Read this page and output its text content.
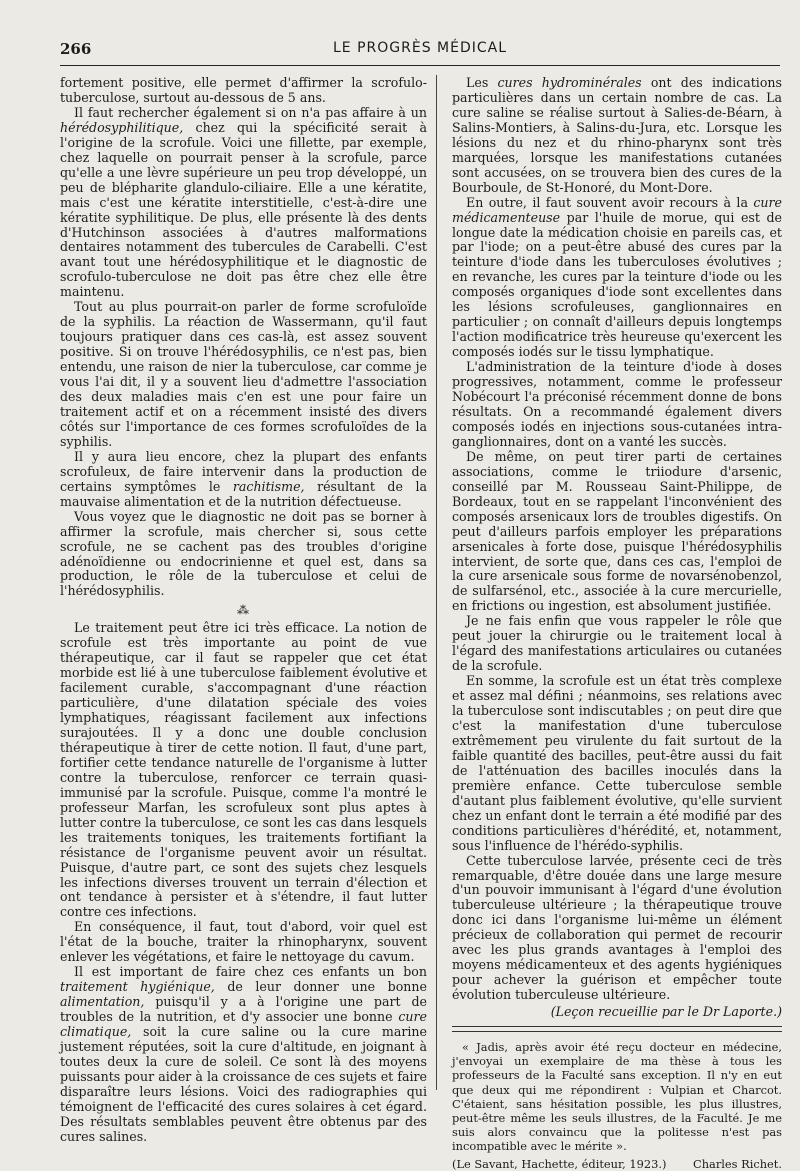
266	LE PROGRÈS MÉDICAL

fortement positive, elle permet d'affirmer la scrofulo-tuberculose, surtout au-dessous de 5 ans.

Il faut rechercher également si on n'a pas affaire à un hérédosyphilitique, chez qui la spécificité serait à l'origine de la scrofule. Voici une fillette, par exemple, chez laquelle on pourrait penser à la scrofule, parce qu'elle a une lèvre supérieure un peu trop développé, un peu de blépharite glandulo-ciliaire. Elle a une kératite, mais c'est une kératite interstitielle, c'est-à-dire une kératite syphilitique. De plus, elle présente là des dents d'Hutchinson associées à d'autres malformations dentaires notamment des tubercules de Carabelli. C'est avant tout une hérédosyphilitique et le diagnostic de scrofulo-tuberculose ne doit pas être chez elle être maintenu.

Tout au plus pourrait-on parler de forme scrofuloïde de la syphilis. La réaction de Wassermann, qu'il faut toujours pratiquer dans ces cas-là, est assez souvent positive. Si on trouve l'hérédosyphilis, ce n'est pas, bien entendu, une raison de nier la tuberculose, car comme je vous l'ai dit, il y a souvent lieu d'admettre l'association des deux maladies mais c'en est une pour faire un traitement actif et on a récemment insisté des divers côtés sur l'importance de ces formes scrofuloïdes de la syphilis.

Il y aura lieu encore, chez la plupart des enfants scrofuleux, de faire intervenir dans la production de certains symptômes le rachitisme, résultant de la mauvaise alimentation et de la nutrition défectueuse.

Vous voyez que le diagnostic ne doit pas se borner à affirmer la scrofule, mais chercher si, sous cette scrofule, ne se cachent pas des troubles d'origine adénoïdienne ou endocrinienne et quel est, dans sa production, le rôle de la tuberculose et celui de l'hérédosyphilis.

⁂

Le traitement peut être ici très efficace. La notion de scrofule est très importante au point de vue thérapeutique, car il faut se rappeler que cet état morbide est lié à une tuberculose faiblement évolutive et facilement curable, s'accompagnant d'une réaction particulière, d'une dilatation spéciale des voies lymphatiques, réagissant facilement aux infections surajoutées. Il y a donc une double conclusion thérapeutique à tirer de cette notion. Il faut, d'une part, fortifier cette tendance naturelle de l'organisme à lutter contre la tuberculose, renforcer ce terrain quasi-immunisé par la scrofule. Puisque, comme l'a montré le professeur Marfan, les scrofuleux sont plus aptes à lutter contre la tuberculose, ce sont les cas dans lesquels les traitements toniques, les traitements fortifiant la résistance de l'organisme peuvent avoir un résultat. Puisque, d'autre part, ce sont des sujets chez lesquels les infections diverses trouvent un terrain d'élection et ont tendance à persister et à s'étendre, il faut lutter contre ces infections.

En conséquence, il faut, tout d'abord, voir quel est l'état de la bouche, traiter la rhinopharynx, souvent enlever les végétations, et faire le nettoyage du cavum.

Il est important de faire chez ces enfants un bon traitement hygiénique, de leur donner une bonne alimentation, puisqu'il y a à l'origine une part de troubles de la nutrition, et d'y associer une bonne cure climatique, soit la cure saline ou la cure marine justement réputées, soit la cure d'altitude, en joignant à toutes deux la cure de soleil. Ce sont là des moyens puissants pour aider à la croissance de ces sujets et faire disparaître leurs lésions. Voici des radiographies qui témoignent de l'efficacité des cures solaires à cet égard. Des résultats semblables peuvent être obtenus par des cures salines.

Les cures hydrominérales ont des indications particulières dans un certain nombre de cas. La cure saline se réalise surtout à Salies-de-Béarn, à Salins-Montiers, à Salins-du-Jura, etc. Lorsque les lésions du nez et du rhino-pharynx sont très marquées, lorsque les manifestations cutanées sont accusées, on se trouvera bien des cures de la Bourboule, de St-Honoré, du Mont-Dore.

En outre, il faut souvent avoir recours à la cure médicamenteuse par l'huile de morue, qui est de longue date la médication choisie en pareils cas, et par l'iode; on a peut-être abusé des cures par la teinture d'iode dans les tuberculoses évolutives ; en revanche, les cures par la teinture d'iode ou les composés organiques d'iode sont excellentes dans les lésions scrofuleuses, ganglionnaires en particulier ; on connaît d'ailleurs depuis longtemps l'action modificatrice très heureuse qu'exercent les composés iodés sur le tissu lymphatique.

L'administration de la teinture d'iode à doses progressives, notamment, comme le professeur Nobécourt l'a préconisé récemment donne de bons résultats. On a recommandé également divers composés iodés en injections sous-cutanées intra-ganglionnaires, dont on a vanté les succès.

De même, on peut tirer parti de certaines associations, comme le triiodure d'arsenic, conseillé par M. Rousseau Saint-Philippe, de Bordeaux, tout en se rappelant l'inconvénient des composés arsenicaux lors de troubles digestifs. On peut d'ailleurs parfois employer les préparations arsenicales à forte dose, puisque l'hérédosyphilis intervient, de sorte que, dans ces cas, l'emploi de la cure arsenicale sous forme de novarsénobenzol, de sulfarsénol, etc., associée à la cure mercurielle, en frictions ou ingestion, est absolument justifiée.

Je ne fais enfin que vous rappeler le rôle que peut jouer la chirurgie ou le traitement local à l'égard des manifestations articulaires ou cutanées de la scrofule.

En somme, la scrofule est un état très complexe et assez mal défini ; néanmoins, ses relations avec la tuberculose sont indiscutables ; on peut dire que c'est la manifestation d'une tuberculose extrêmement peu virulente du fait surtout de la faible quantité des bacilles, peut-être aussi du fait de l'atténuation des bacilles inoculés dans la première enfance. Cette tuberculose semble d'autant plus faiblement évolutive, qu'elle survient chez un enfant dont le terrain a été modifié par des conditions particulières d'hérédité, et, notamment, sous l'influence de l'hérédo-syphilis.

Cette tuberculose larvée, présente ceci de très remarquable, d'être douée dans une large mesure d'un pouvoir immunisant à l'égard d'une évolution tuberculeuse ultérieure ; la thérapeutique trouve donc ici dans l'organisme lui-même un élément précieux de collaboration qui permet de recourir avec les plus grands avantages à l'emploi des moyens médicamenteux et des agents hygiéniques pour achever la guérison et empêcher toute évolution tuberculeuse ultérieure.

(Leçon recueillie par le Dr Laporte.)

« Jadis, après avoir été reçu docteur en médecine, j'envoyai un exemplaire de ma thèse à tous les professeurs de la Faculté sans exception. Il n'y en eut que deux qui me répondirent : Vulpian et Charcot. C'étaient, sans hésitation possible, les plus illustres, peut-être même les seuls illustres, de la Faculté. Je me suis alors convaincu que la politesse n'est pas incompatible avec le mérite ».

(Le Savant, Hachette, éditeur, 1923.) Charles Richet.
